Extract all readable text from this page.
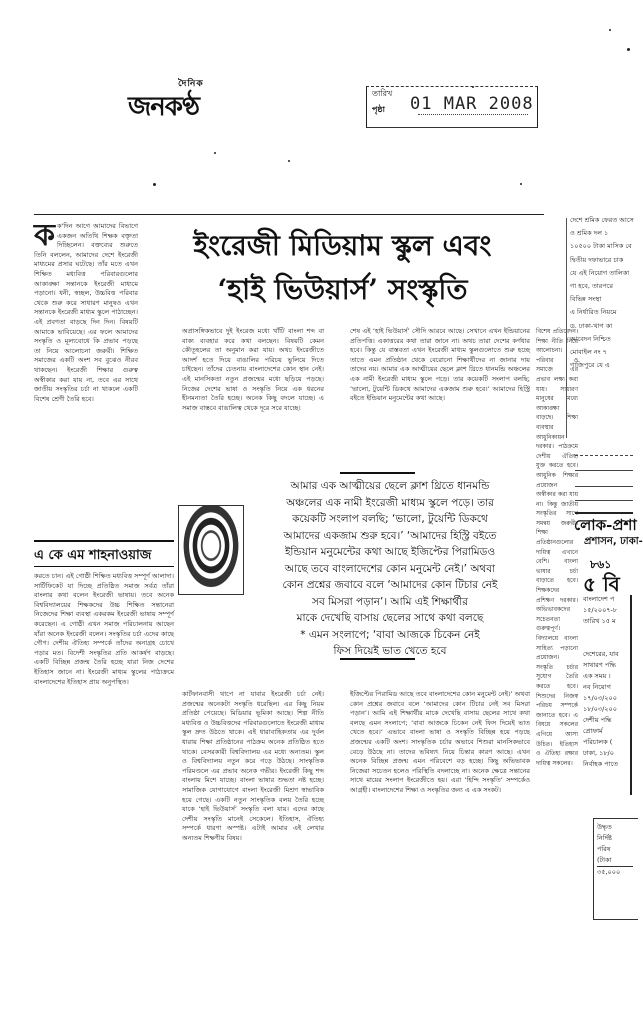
দৈনিক
জনকণ্ঠ	তারিখ
পৃষ্ঠা 01 MAR 2008
ইংরেজী মিডিয়াম স্কুল এবং
‘হাই ভিউয়ার্স’ সংস্কৃতি
ক ক'দিন আগে আমাদের বিভাগে একজন অতিথি শিক্ষক বক্তৃতা দিচ্ছিলেন। বক্তব্যের শুরুতে তিনি বললেন, আমাদের দেশে ইংরেজী মাধ্যমের প্রসার ঘটেছে। তাঁর মতে এখন শিক্ষিত মধ্যবিত্ত পরিবারগুলোর আকাঙ্ক্ষা সন্তানকে ইংরেজী মাধ্যমে পড়ানো। ধনী, স্বচ্ছল, উচ্চবিত্ত পরিবার থেকে শুরু করে সাধারণ মানুষও এখন সন্তানকে ইংরেজী মাধ্যম স্কুলে পাঠাচ্ছেন। এই প্রবণতা বাড়ছে দিন দিন। বিষয়টি আমাকে ভাবিয়েছে। এর ফলে আমাদের সংস্কৃতি ও মূল্যবোধে কি প্রভাব পড়ছে তা নিয়ে আলোচনা জরুরী। শিক্ষিত সমাজের একটি অংশ সব বুঝেও নীরব থাকছেন। ইংরেজী শিক্ষার গুরুত্ব অস্বীকার করা যায় না, তবে এর সাথে জাতীয় সংস্কৃতির চর্চা না থাকলে একটি বিশেষ শ্রেণী তৈরি হবে।

এ কে এম শাহনাওয়াজ

করতে চান। এই গোষ্ঠী শিক্ষিত মধ্যবিত্ত সম্পূর্ণ আলাদা। সার্টিফিকেট যা দিচ্ছে প্রতিষ্ঠিত সমাজ সর্বত্র তাঁরা বাংলার কথা বলেন ইংরেজী ভাষায়। তবে অনেক বিশ্ববিদ্যালয়ের শিক্ষকদের উচ্চ শিক্ষিত সন্তানেরা নিজেদের শিক্ষা ব্যবস্থা একরকম ইংরেজী ভাষায় সম্পূর্ণ করেছেন। এ গোষ্ঠী এখন সমাজ পরিচালনায় আছেন যাঁরা অনেক ইংরেজী বলেন। সংস্কৃতির চর্চা এদের কাছে গৌণ। দেশীয় ঐতিহ্য সম্পর্কে তাঁদের অনাগ্রহ চোখে পড়ার মত। বিদেশী সংস্কৃতির প্রতি আকর্ষণ বাড়ছে। একটি বিচ্ছিন্ন প্রজন্ম তৈরি হচ্ছে যারা নিজ দেশের ইতিহাস জানে না। ইংরেজী মাধ্যম স্কুলের পাঠ্যক্রমে বাংলাদেশের ইতিহাস প্রায় অনুপস্থিত।

অপ্রাসঙ্গিকভাবে দুই ইংরেজ মধ্যে খাঁটি বাংলা শব্দ বা বাক্য ব্যবহার করে কথা বলছেন। বিষয়টি কেমন কৌতূহলের তা অনুমান করা যায়। অথচ ইংরেজীতে আদর্শ হতে দিয়ে বাঙালির পরিচয় ভুলিয়ে দিতে চাইছেন। তাঁদের চেতনায় বাংলাদেশের কোন স্থান নেই। এই মানসিকতা নতুন প্রজন্মের মধ্যে ছড়িয়ে পড়ছে। নিজের দেশের ভাষা ও সংস্কৃতি নিয়ে এক ধরনের হীনমন্যতা তৈরি হচ্ছে। অনেক কিছু বদলে যাচ্ছে। এ সমাজ বাস্তবে বাঙালিত্ব থেকে দূরে সরে যাচ্ছে।

শেষ এই ‘হাই ভিউয়ার্স’ সৌদি আরবে আছে। সেখানে এখন ইন্ডিয়ানের প্রতিপত্তি। একাত্তরের কথা তারা জানে না। অথচ তারা দেশের কর্ণধার হবে। কিন্তু যে বাস্তবতা এখন ইংরেজী মাধ্যম স্কুলগুলোতে শুরু হচ্ছে তাতে এমন প্রতিষ্ঠান থেকে বেরোনো শিক্ষার্থীদের না জানার দায় তাদের নয়। আমার এক আত্মীয়ের ছেলে ক্লাশ থ্রিতে ধানমন্ডি অঞ্চলের এক নামী ইংরেজী মাধ্যম স্কুলে পড়ে। তার কয়েকটি সংলাপ বলছি; ‘ভালো, টুয়েন্টি ডিকথে আমাদের একজাম শুরু হবে।’ আমাদের হিস্ট্রি বইতে ইন্ডিয়ান মনুমেন্টের কথা আছে।

আমার এক আত্মীয়ের ছেলে ক্লাশ থ্রিতে ধানমন্ডি
অঞ্চলের এক নামী ইংরেজী মাধ্যম স্কুলে পড়ে। তার
কয়েকটি সংলাপ বলছি; ‘ভালো, টুয়েন্টি ডিকথে
আমাদের একজাম শুরু হবে।’ ‘আমাদের হিস্ট্রি বইতে
ইন্ডিয়ান মনুমেন্টের কথা আছে ইজিপ্টের পিরামিডও
আছে তবে বাংলাদেশের কোন মনুমেন্ট নেই।’ অথবা
কোন প্রশ্নের জবাবে বলে ‘আমাদের কোন টিচার নেই
সব মিসরা পড়ান’। আমি এই শিক্ষার্থীর
মাকে দেখেছি বাসায় ছেলের সাথে কথা বলছে
* এমন সংলাপে; ‘বাবা আজকে চিকেন নেই
ফিস দিয়েই ভাত খেতে হবে

কার্টফানবাসী থাপে না যাবার ইংরেজী চর্চা নেই। প্রজন্মের অনেকটা সংস্কৃতি ধরেছিল। এর কিছু নিয়ম প্রতিষ্ঠা পেয়েছে। মিডিয়ার ভূমিকা আছে। শিল্প নীতি মধ্যবিত্ত ও উচ্চবিত্তদের পরিবারগুলোতে ইংরেজী মাধ্যম স্কুল দ্রুত উঠতে থাকে। এই ধারাবাহিকতায় এর দুর্বল ধারায় শিক্ষা প্রতিষ্ঠানের পাঠক্রম অনেক প্রতিষ্ঠিত হতে থাকে। বেসরকারী বিশ্ববিদ্যালয় এর মধ্যে অন্যতম। স্কুল ও বিশ্ববিদ্যালয় নতুন করে গড়ে উঠছে। সাংস্কৃতিক পরিমণ্ডলে এর প্রভাব অনেক গভীর। ইংরেজী কিছু শব্দ বাংলায় মিশে যাচ্ছে। বাংলা ভাষার শুদ্ধতা নষ্ট হচ্ছে। সামাজিক যোগাযোগে বাংলা ইংরেজী মিশ্রণ স্বাভাবিক হয়ে গেছে। একটি নতুন সাংস্কৃতিক বলয় তৈরি হচ্ছে যাকে ‘হাই ভিউয়ার্স’ সংস্কৃতি বলা যায়। এদের কাছে দেশীয় সংস্কৃতি মানেই সেকেলে। ইতিহাস, ঐতিহ্য সম্পর্কে ধারণা অস্পষ্ট। এটাই আমার এই লেখার অন্যতম শিক্ষণীয় বিষয়।

ইজিপ্টের পিরামিড আছে তবে বাংলাদেশের কোন মনুমেন্ট নেই।’ অথবা কোন প্রশ্নের জবাবে বলে ‘আমাদের কোন টিচার নেই সব মিসরা পড়ান’। আমি এই শিক্ষার্থীর মাকে দেখেছি বাসায় ছেলের সাথে কথা বলছে এমন সংলাপে; ‘বাবা আজকে চিকেন নেই ফিস দিয়েই ভাত খেতে হবে।’ এভাবে বাংলা ভাষা ও সংস্কৃতি বিচ্ছিন্ন হয়ে পড়ছে প্রজন্মের একটি অংশ। সাংস্কৃতিক চর্চার অভাবে শিশুরা মানসিকভাবে বেড়ে উঠছে না। তাদের ভবিষ্যৎ নিয়ে চিন্তার কারণ আছে। এখন অনেক বিচ্ছিন্ন প্রজন্ম এমন পরিবেশে বড় হচ্ছে। কিছু অভিভাবক নিজেরা সচেতন হলেও পরিস্থিতি বদলাচ্ছে না। অনেক ক্ষেত্রে সন্তানের সাথে মায়ের সংলাপ ইংরেজীতে হয়। এরা ‘হিন্দি সংস্কৃতি’ সম্পর্কেও আগ্রহী। বাংলাদেশের শিক্ষা ও সংস্কৃতির জন্য এ এক সংকট।

বিশেষ প্রতিবেদন। শিক্ষা নীতি নিয়ে আলোচনা। পরিবার ও সমাজে এর প্রভাব লক্ষ্য করা যায়। সাধারণ মানুষের মধ্যে আকাঙ্ক্ষা বাড়ছে। শিক্ষা ব্যবস্থার আধুনিকায়ন দরকার। পাঠক্রমে দেশীয় ঐতিহ্য যুক্ত করতে হবে। আধুনিক শিক্ষার প্রয়োজন অস্বীকার করা যায় না। কিন্তু জাতীয় সংস্কৃতির সাথে সমন্বয় জরুরী। শিক্ষা প্রতিষ্ঠানগুলোর দায়িত্ব এখানে বেশি। বাংলা ভাষার চর্চা বাড়াতে হবে। শিক্ষকদের প্রশিক্ষণ দরকার। অভিভাবকদের সচেতনতা গুরুত্বপূর্ণ। বিদ্যালয়ে বাংলা সাহিত্য পড়ানো প্রয়োজন। সংস্কৃতি চর্চার সুযোগ তৈরি করতে হবে। শিশুদের নিজস্ব পরিচয় সম্পর্কে জানাতে হবে। এ বিষয়ে সকলের এগিয়ে আসা উচিত। ইতিহাস ও ঐতিহ্য রক্ষার দায়িত্ব সকলের।

দেশে শ্রমিক ফেরত আসে
ও শ্রমিক দল ১
১০৫০০ টাকা মাসিক বে
দ্বিতীয় দফাভারে চাক
যে এই নিয়োগ তালিকা
গা হবে, তারপরে
বিভিন্ন সংস্থা
এ নির্ধারিত নিয়মে
ড. ঢাকা-খাগ কা
আবেদন নিশ্চিত
মোবাইল নং ৭
গাজিপুরে যে এ
লোক-প্রশা
প্রশাসন, ঢাকা-
৮৬১
৫ বি
বাংলাদেশ প
১৫/২০০৭-৮
তারিখ ১৫ ম
দেশেরের, যাব
সাথারণ পদ্ধি
এক সময় ।
নব নিয়োগ
১৭/০৩/২০০
১৮/০৩/২০০
দেশীয় পদ্ধি
প্রোফার্ম
পরিচালক (
ঢাকা, ১৮/০
নির্বাহক পাতে
উদ্ধৃত
নির্দিষ্ট
পরিষ
(টাকা
৩৫,০০০
